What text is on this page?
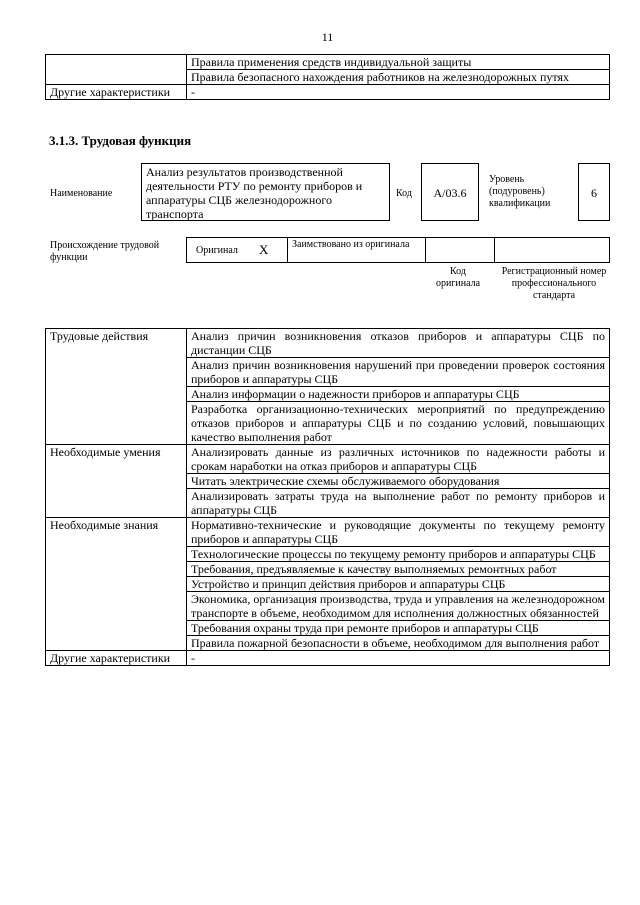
11
	Правила применения средств индивидуальной защиты
	Правила безопасного нахождения работников на железнодорожных путях
Другие характеристики	-
3.1.3. Трудовая функция
Наименование
Анализ результатов производственной деятельности РТУ по ремонту приборов и аппаратуры СЦБ железнодорожного транспорта
Код	А/03.6
Уровень (подуровень) квалификации
6
Происхождение трудовой функции
Оригинал X Заимствовано из оригинала
Код оригинала
Регистрационный номер профессионального стандарта
Трудовые действия	Анализ причин возникновения отказов приборов и аппаратуры СЦБ по дистанции СЦБ
	Анализ причин возникновения нарушений при проведении проверок состояния приборов и аппаратуры СЦБ
	Анализ информации о надежности приборов и аппаратуры СЦБ
	Разработка организационно-технических мероприятий по предупреждению отказов приборов и аппаратуры СЦБ и по созданию условий, повышающих качество выполнения работ
Необходимые умения	Анализировать данные из различных источников по надежности работы и срокам наработки на отказ приборов и аппаратуры СЦБ
	Читать электрические схемы обслуживаемого оборудования
	Анализировать затраты труда на выполнение работ по ремонту приборов и аппаратуры СЦБ
Необходимые знания	Нормативно-технические и руководящие документы по текущему ремонту приборов и аппаратуры СЦБ
	Технологические процессы по текущему ремонту приборов и аппаратуры СЦБ
	Требования, предъявляемые к качеству выполняемых ремонтных работ
	Устройство и принцип действия приборов и аппаратуры СЦБ
	Экономика, организация производства, труда и управления на железнодорожном транспорте в объеме, необходимом для исполнения должностных обязанностей
	Требования охраны труда при ремонте приборов и аппаратуры СЦБ
	Правила пожарной безопасности в объеме, необходимом для выполнения работ
Другие характеристики	-
